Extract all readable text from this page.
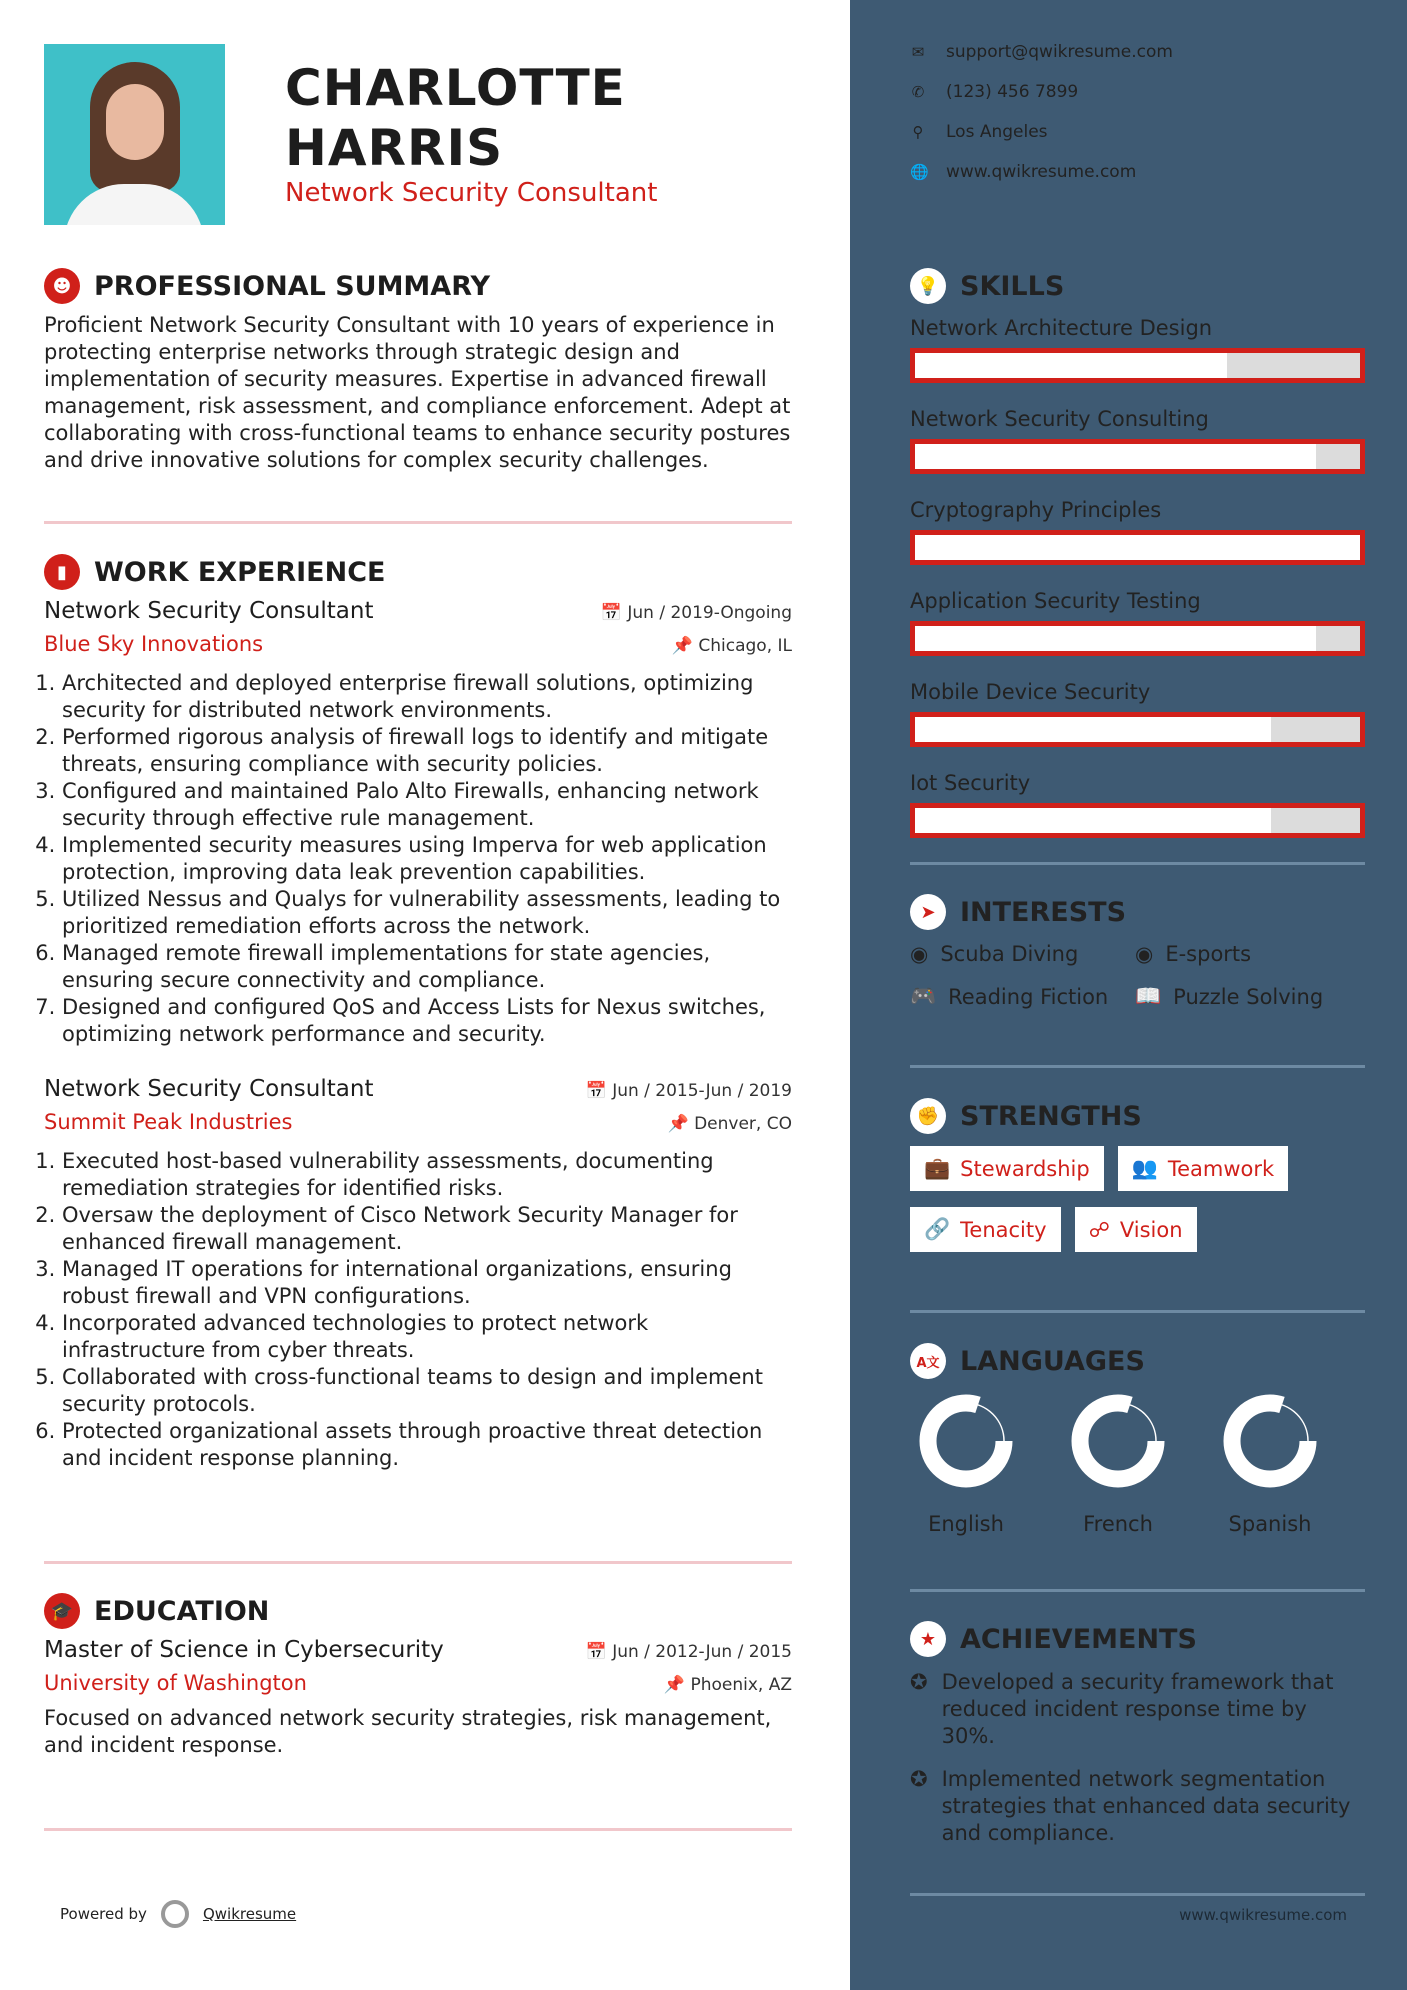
CHARLOTTE
HARRIS
Network Security Consultant
☻ PROFESSIONAL SUMMARY
Proficient Network Security Consultant with 10 years of experience in protecting enterprise networks through strategic design and implementation of security measures. Expertise in advanced firewall management, risk assessment, and compliance enforcement. Adept at collaborating with cross-functional teams to enhance security postures and drive innovative solutions for complex security challenges.
▮	WORK EXPERIENCE
Network Security Consultant	📅 Jun / 2019-Ongoing
Blue Sky Innovations	📌 Chicago, IL
1. Architected and deployed enterprise firewall solutions, optimizing security for distributed network environments.
2. Performed rigorous analysis of firewall logs to identify and mitigate threats, ensuring compliance with security policies.
3. Configured and maintained Palo Alto Firewalls, enhancing network security through effective rule management.
4. Implemented security measures using Imperva for web application protection, improving data leak prevention capabilities.
5. Utilized Nessus and Qualys for vulnerability assessments, leading to prioritized remediation efforts across the network.
6. Managed remote firewall implementations for state agencies, ensuring secure connectivity and compliance.
7. Designed and configured QoS and Access Lists for Nexus switches, optimizing network performance and security.
Network Security Consultant	📅 Jun / 2015-Jun / 2019
Summit Peak Industries	📌 Denver, CO
1. Executed host-based vulnerability assessments, documenting remediation strategies for identified risks.
2. Oversaw the deployment of Cisco Network Security Manager for enhanced firewall management.
3. Managed IT operations for international organizations, ensuring robust firewall and VPN configurations.
4. Incorporated advanced technologies to protect network infrastructure from cyber threats.
5. Collaborated with cross-functional teams to design and implement security protocols.
6. Protected organizational assets through proactive threat detection and incident response planning.
🎓 EDUCATION
Master of Science in Cybersecurity	📅 Jun / 2012-Jun / 2015
University of Washington	📌 Phoenix, AZ
Focused on advanced network security strategies, risk management, and incident response.
Powered by	Qwikresume
✉ support@qwikresume.com
✆ (123) 456 7899
⚲ Los Angeles
🌐 www.qwikresume.com
💡 SKILLS
Network Architecture Design
Network Security Consulting
Cryptography Principles
Application Security Testing
Mobile Device Security
Iot Security
➤ INTERESTS
◉ Scuba Diving	◉ E-sports
🎮 Reading Fiction 📖 Puzzle Solving
✊ STRENGTHS
💼 Stewardship 👥 Teamwork
🔗 Tenacity ☍ Vision
A文 LANGUAGES
English	French	Spanish
★ ACHIEVEMENTS
✪ Developed a security framework that reduced incident response time by 30%.
✪ Implemented network segmentation strategies that enhanced data security and compliance.
www.qwikresume.com
